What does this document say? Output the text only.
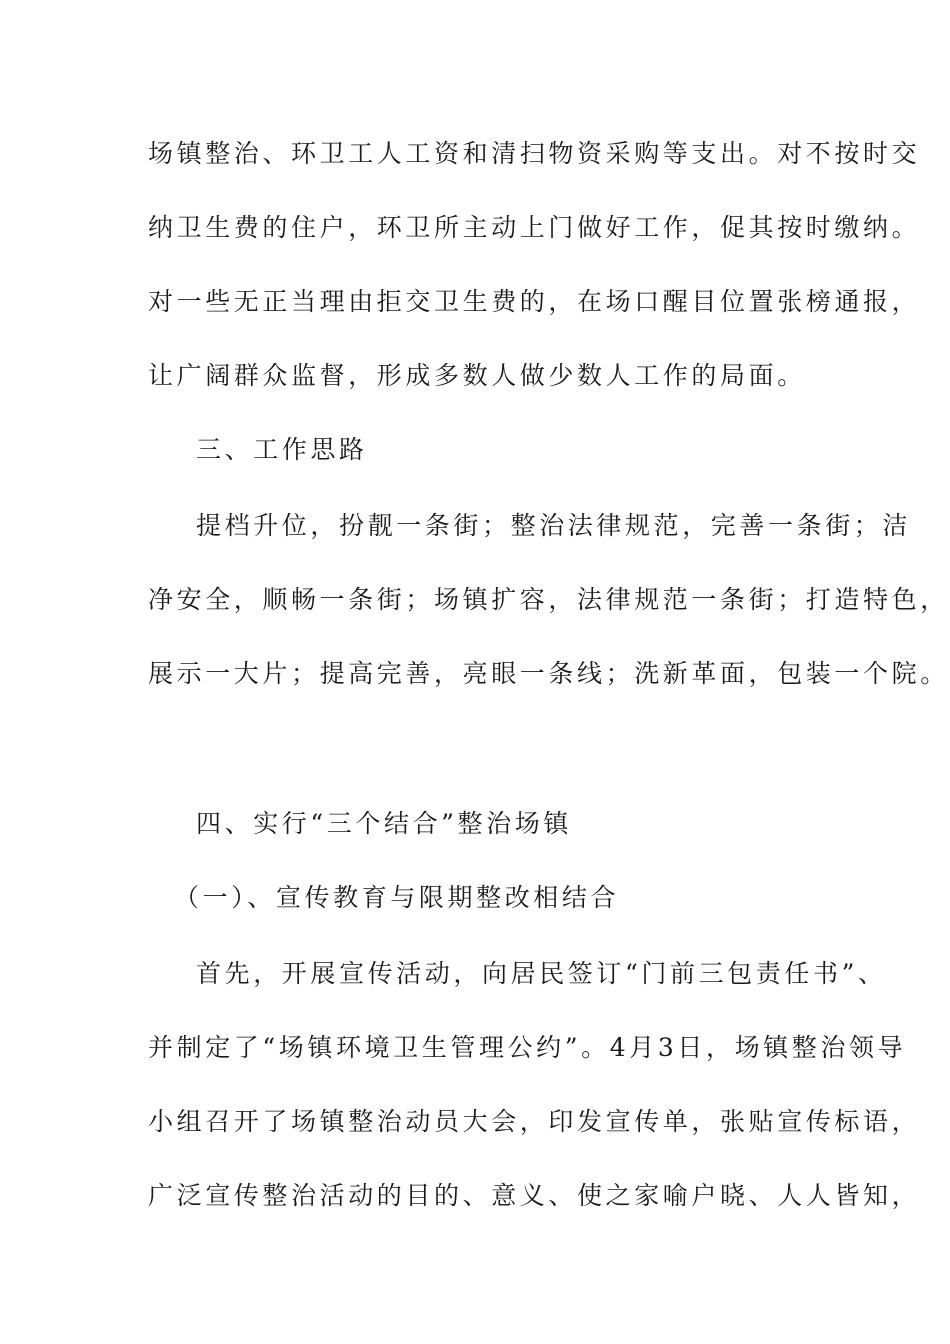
场镇整治、环卫工人工资和清扫物资采购等支出。对不按时交
纳卫生费的住户，环卫所主动上门做好工作，促其按时缴纳。
对一些无正当理由拒交卫生费的，在场口醒目位置张榜通报，
让广阔群众监督，形成多数人做少数人工作的局面。
三、工作思路
提档升位，扮靓一条街；整治法律规范，完善一条街；洁
净安全，顺畅一条街；场镇扩容，法律规范一条街；打造特色，
展示一大片；提高完善，亮眼一条线；洗新革面，包装一个院。
四、实行“三个结合”整治场镇
（一）、宣传教育与限期整改相结合
首先，开展宣传活动，向居民签订“门前三包责任书”、
并制定了“场镇环境卫生管理公约”。4月3日，场镇整治领导
小组召开了场镇整治动员大会，印发宣传单，张贴宣传标语，
广泛宣传整治活动的目的、意义、使之家喻户晓、人人皆知，
